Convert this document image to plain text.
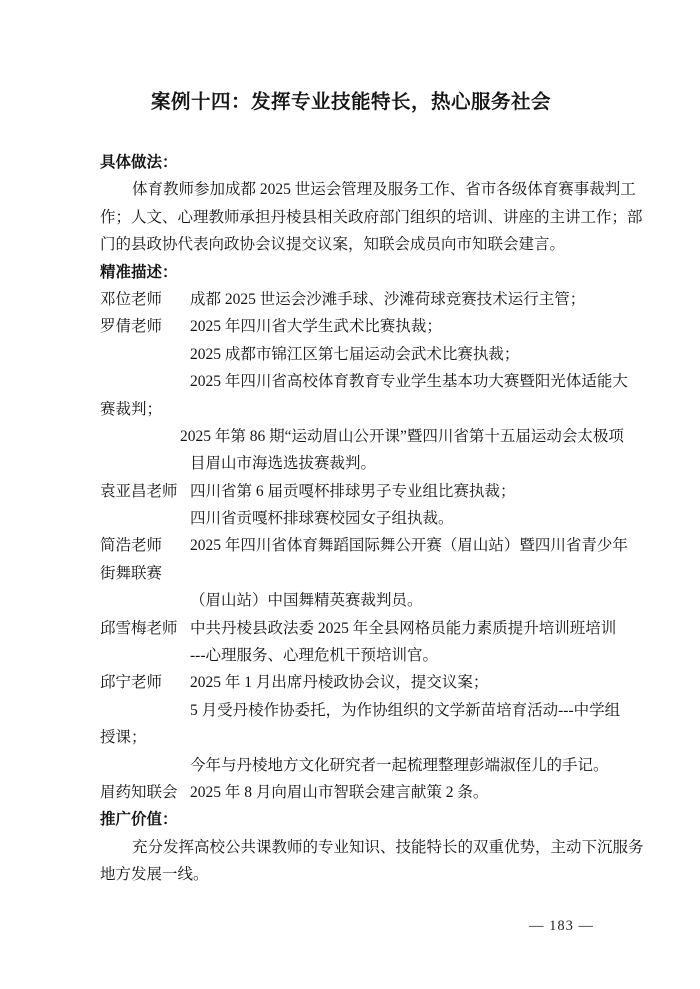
案例十四：发挥专业技能特长，热心服务社会
具体做法：
体育教师参加成都 2025 世运会管理及服务工作、省市各级体育赛事裁判工
作；人文、心理教师承担丹棱县相关政府部门组织的培训、讲座的主讲工作；部
门的县政协代表向政协会议提交议案，知联会成员向市知联会建言。
精准描述：
邓位老师 成都 2025 世运会沙滩手球、沙滩荷球竞赛技术运行主管；
罗倩老师 2025 年四川省大学生武术比赛执裁；
2025 成都市锦江区第七届运动会武术比赛执裁；
2025 年四川省高校体育教育专业学生基本功大赛暨阳光体适能大
赛裁判；
2025 年第 86 期“运动眉山公开课”暨四川省第十五届运动会太极项
目眉山市海选选拔赛裁判。
袁亚昌老师 四川省第 6 届贡嘎杯排球男子专业组比赛执裁；
四川省贡嘎杯排球赛校园女子组执裁。
简浩老师 2025 年四川省体育舞蹈国际舞公开赛（眉山站）暨四川省青少年
街舞联赛
（眉山站）中国舞精英赛裁判员。
邱雪梅老师 中共丹棱县政法委 2025 年全县网格员能力素质提升培训班培训
---心理服务、心理危机干预培训官。
邱宁老师 2025 年 1 月出席丹棱政协会议，提交议案；
5 月受丹棱作协委托，为作协组织的文学新苗培育活动---中学组
授课；
今年与丹棱地方文化研究者一起梳理整理彭端淑侄儿的手记。
眉药知联会 2025 年 8 月向眉山市智联会建言献策 2 条。
推广价值：
充分发挥高校公共课教师的专业知识、技能特长的双重优势，主动下沉服务
地方发展一线。
— 183 —
